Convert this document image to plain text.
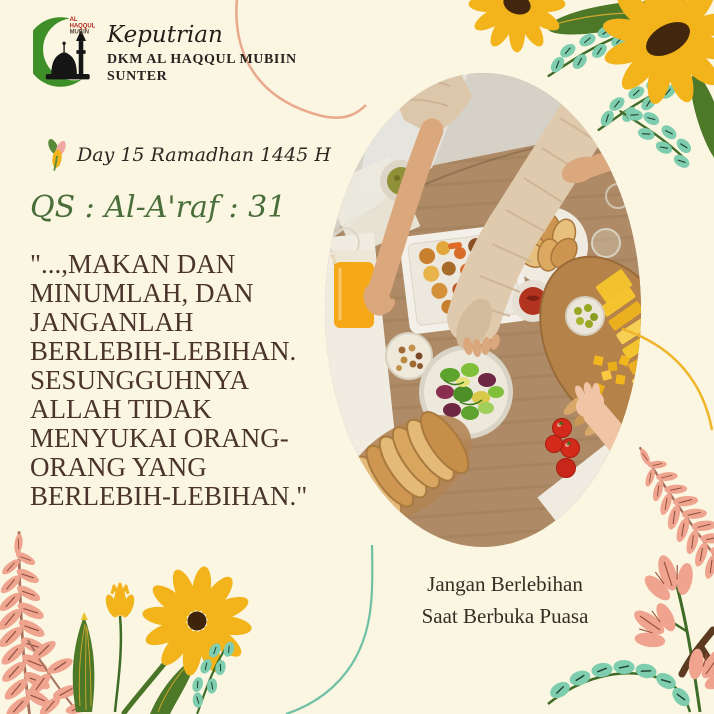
AL
HAQQUL
MUBIN Keputrian
DKM AL HAQQUL MUBIIN
SUNTER
Day 15 Ramadhan 1445 H
QS : Al-A'raf : 31
"...,MAKAN DAN
MINUMLAH, DAN
JANGANLAH
BERLEBIH-LEBIHAN.
SESUNGGUHNYA
ALLAH TIDAK
MENYUKAI ORANG-
ORANG YANG
BERLEBIH-LEBIHAN."
Jangan Berlebihan
Saat Berbuka Puasa
